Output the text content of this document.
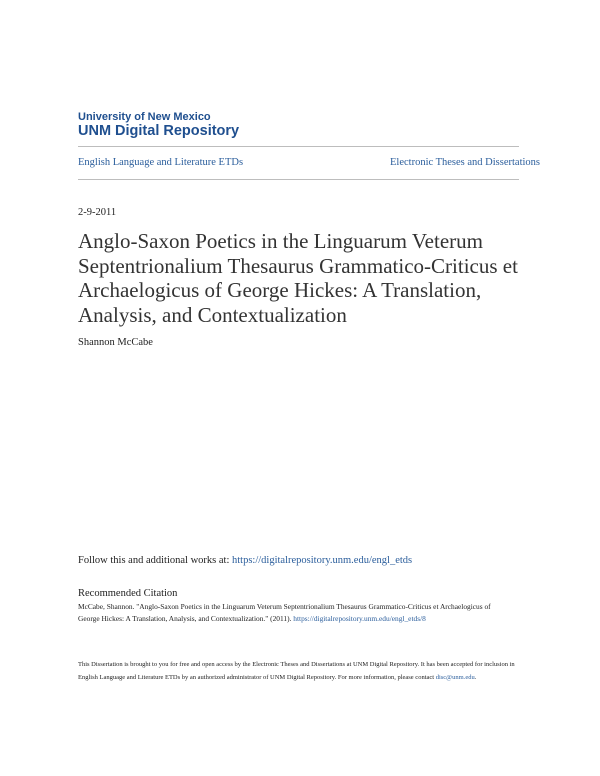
University of New Mexico
UNM Digital Repository
English Language and Literature ETDs	Electronic Theses and Dissertations
2-9-2011
Anglo-Saxon Poetics in the Linguarum Veterum Septentrionalium Thesaurus Grammatico-Criticus et Archaelogicus of George Hickes: A Translation, Analysis, and Contextualization
Shannon McCabe
Follow this and additional works at: https://digitalrepository.unm.edu/engl_etds
Recommended Citation
McCabe, Shannon. "Anglo-Saxon Poetics in the Linguarum Veterum Septentrionalium Thesaurus Grammatico-Criticus et Archaelogicus of George Hickes: A Translation, Analysis, and Contextualization." (2011). https://digitalrepository.unm.edu/engl_etds/8
This Dissertation is brought to you for free and open access by the Electronic Theses and Dissertations at UNM Digital Repository. It has been accepted for inclusion in English Language and Literature ETDs by an authorized administrator of UNM Digital Repository. For more information, please contact disc@unm.edu.
